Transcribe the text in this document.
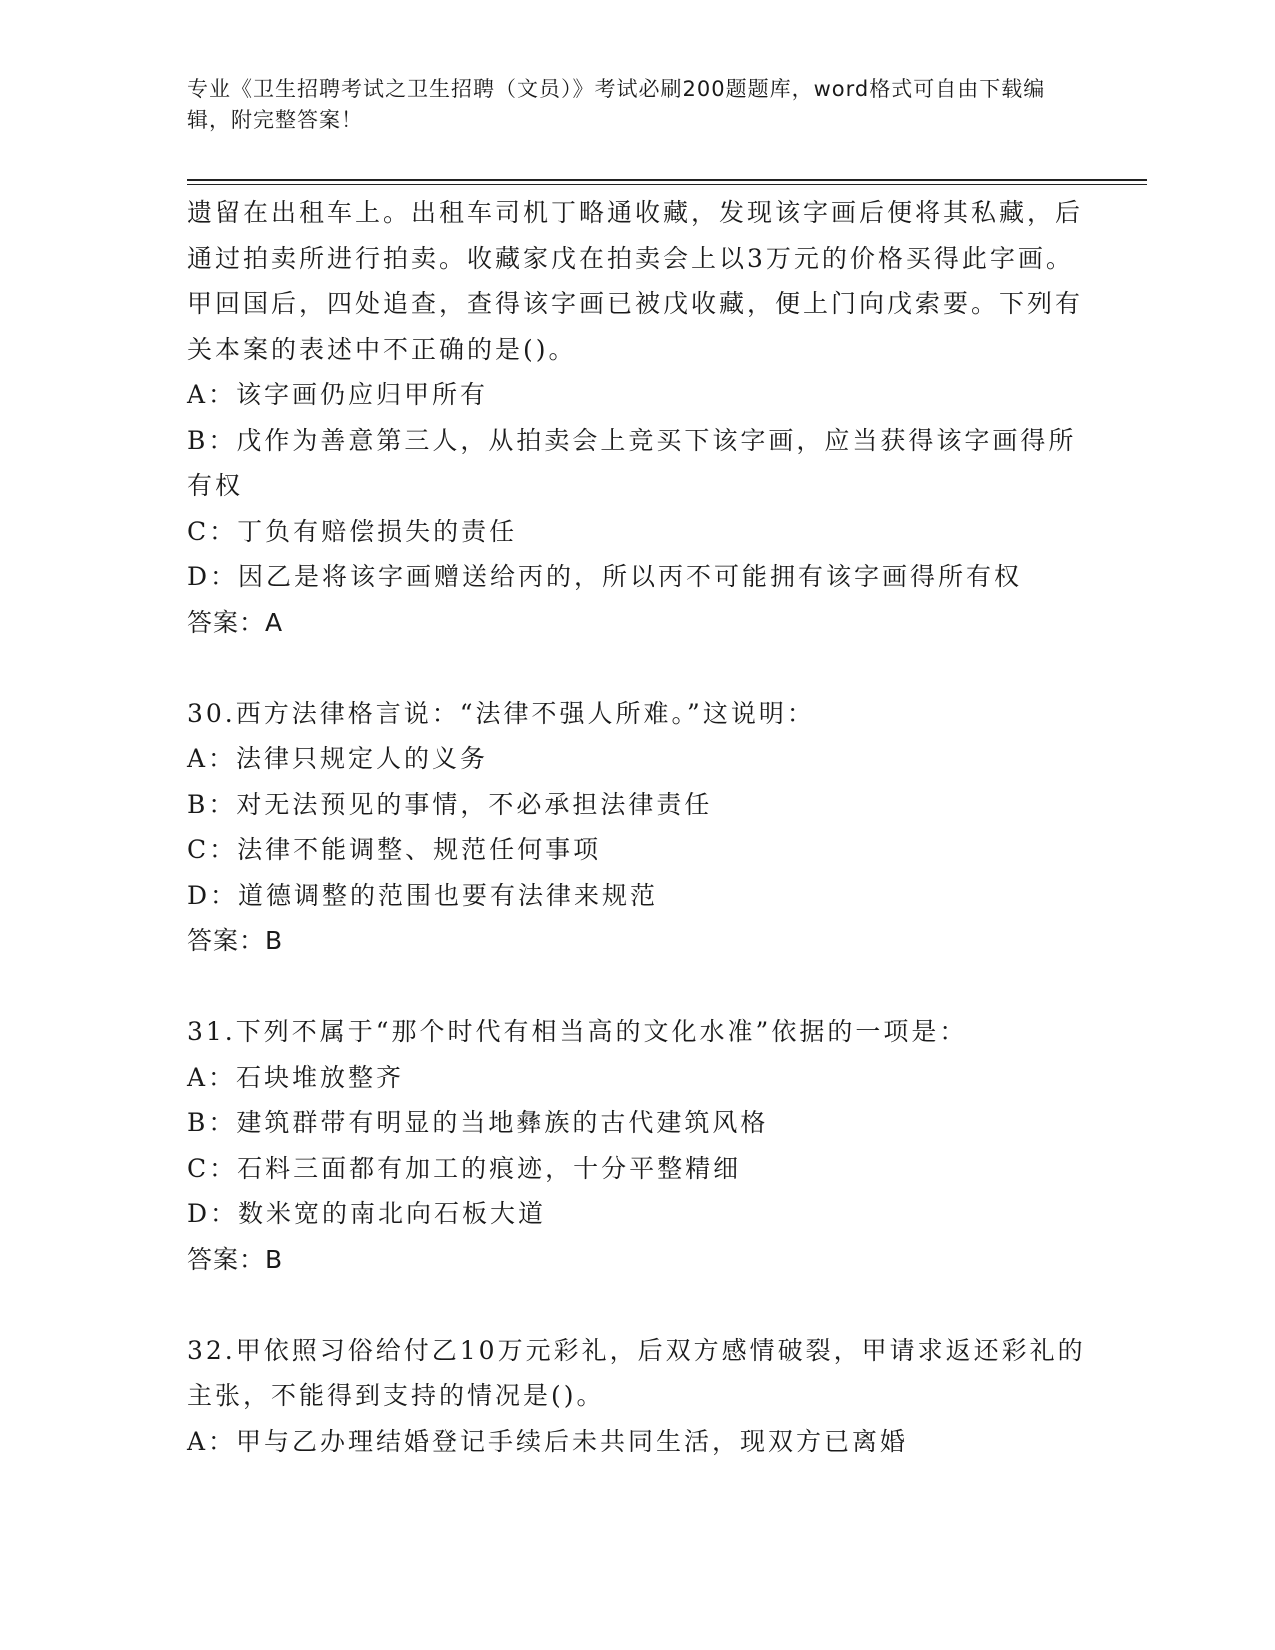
专业《卫生招聘考试之卫生招聘（文员）》考试必刷200题题库，word格式可自由下载编辑，附完整答案！

遗留在出租车上。出租车司机丁略通收藏，发现该字画后便将其私藏，后通过拍卖所进行拍卖。收藏家戊在拍卖会上以3万元的价格买得此字画。甲回国后，四处追查，查得该字画已被戊收藏，便上门向戊索要。下列有关本案的表述中不正确的是()。

A：该字画仍应归甲所有

B：戊作为善意第三人，从拍卖会上竞买下该字画，应当获得该字画得所有权

C：丁负有赔偿损失的责任

D：因乙是将该字画赠送给丙的，所以丙不可能拥有该字画得所有权

答案：A

30.西方法律格言说：“法律不强人所难。”这说明：

A：法律只规定人的义务

B：对无法预见的事情，不必承担法律责任

C：法律不能调整、规范任何事项

D：道德调整的范围也要有法律来规范

答案：B

31.下列不属于“那个时代有相当高的文化水准”依据的一项是：

A：石块堆放整齐

B：建筑群带有明显的当地彝族的古代建筑风格

C：石料三面都有加工的痕迹，十分平整精细

D：数米宽的南北向石板大道

答案：B

32.甲依照习俗给付乙10万元彩礼，后双方感情破裂，甲请求返还彩礼的主张，不能得到支持的情况是()。

A：甲与乙办理结婚登记手续后未共同生活，现双方已离婚
